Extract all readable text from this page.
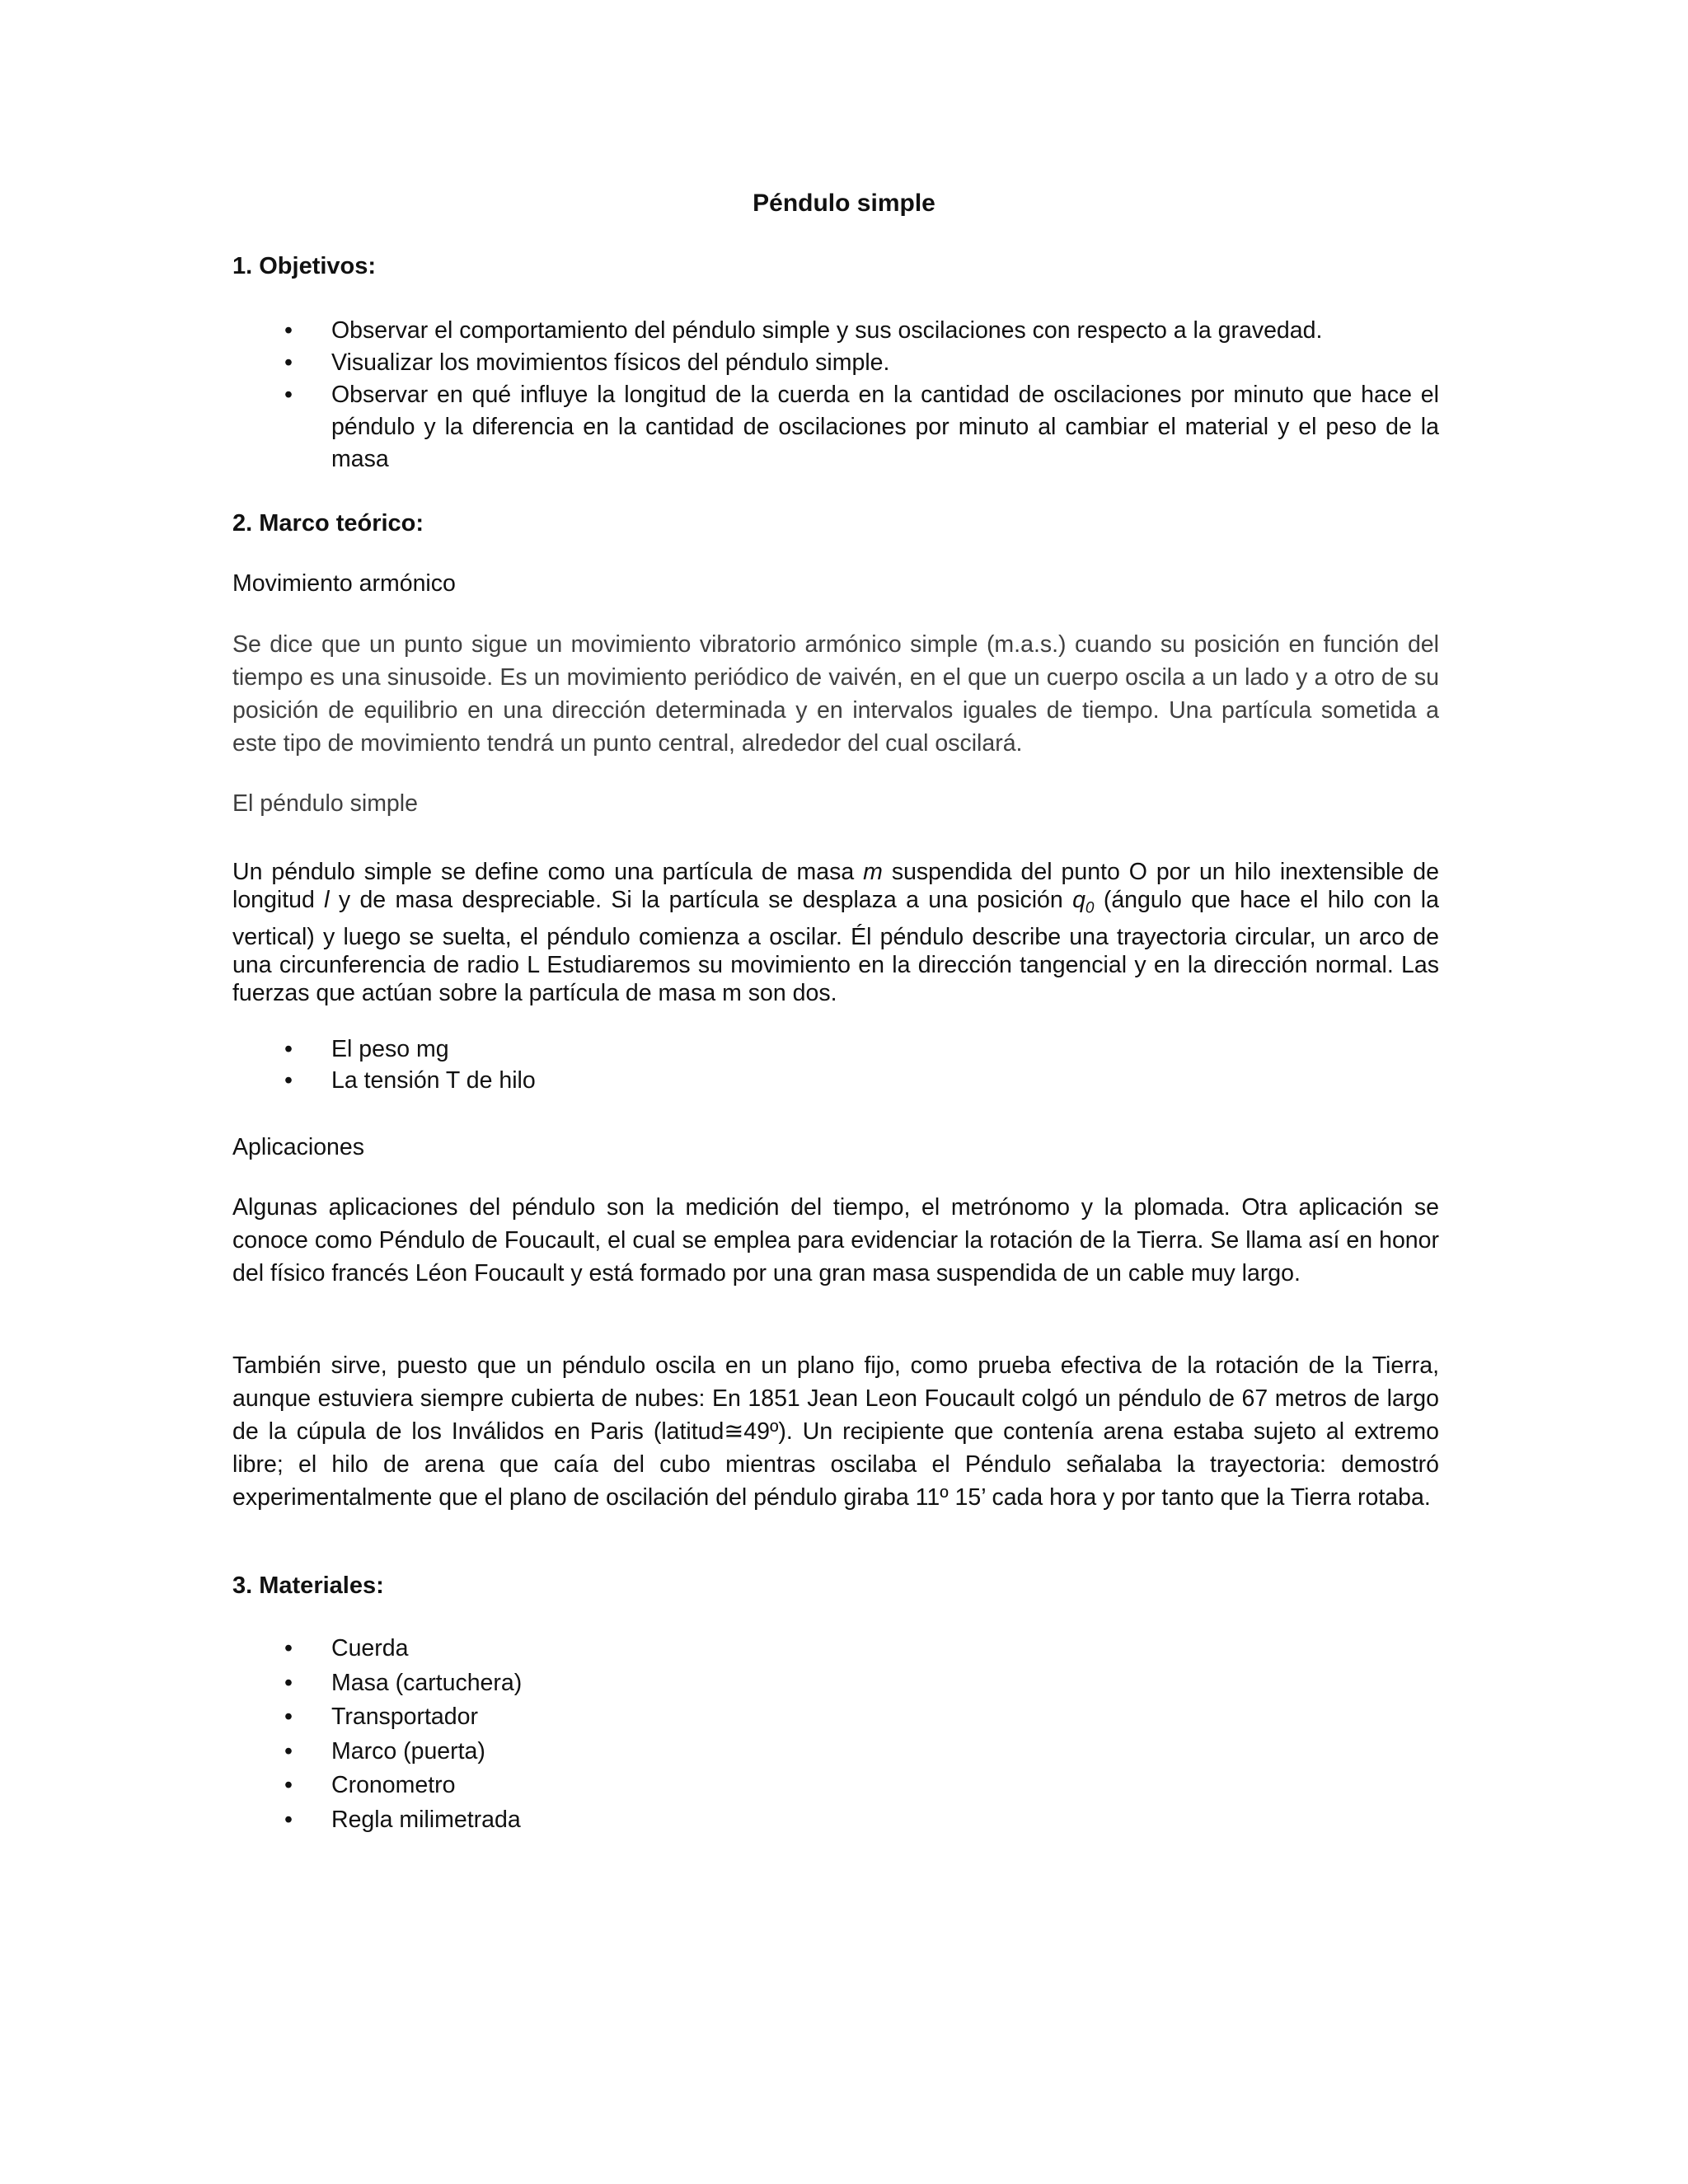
Péndulo simple
1. Objetivos:
• Observar el comportamiento del péndulo simple y sus oscilaciones con respecto a la gravedad.
• Visualizar los movimientos físicos del péndulo simple.
• Observar en qué influye la longitud de la cuerda en la cantidad de oscilaciones por minuto que hace el péndulo y la diferencia en la cantidad de oscilaciones por minuto al cambiar el material y el peso de la masa
2. Marco teórico:
Movimiento armónico
Se dice que un punto sigue un movimiento vibratorio armónico simple (m.a.s.) cuando su posición en función del tiempo es una sinusoide. Es un movimiento periódico de vaivén, en el que un cuerpo oscila a un lado y a otro de su posición de equilibrio en una dirección determinada y en intervalos iguales de tiempo. Una partícula sometida a este tipo de movimiento tendrá un punto central, alrededor del cual oscilará.
El péndulo simple
Un péndulo simple se define como una partícula de masa m suspendida del punto O por un hilo inextensible de longitud l y de masa despreciable. Si la partícula se desplaza a una posición $q_0$ (ángulo que hace el hilo con la vertical) y luego se suelta, el péndulo comienza a oscilar. Él péndulo describe una trayectoria circular, un arco de una circunferencia de radio L Estudiaremos su movimiento en la dirección tangencial y en la dirección normal. Las fuerzas que actúan sobre la partícula de masa m son dos.
• El peso mg
• La tensión T de hilo
Aplicaciones
Algunas aplicaciones del péndulo son la medición del tiempo, el metrónomo y la plomada. Otra aplicación se conoce como Péndulo de Foucault, el cual se emplea para evidenciar la rotación de la Tierra. Se llama así en honor del físico francés Léon Foucault y está formado por una gran masa suspendida de un cable muy largo.
También sirve, puesto que un péndulo oscila en un plano fijo, como prueba efectiva de la rotación de la Tierra, aunque estuviera siempre cubierta de nubes: En 1851 Jean Leon Foucault colgó un péndulo de 67 metros de largo de la cúpula de los Inválidos en Paris (latitud≅49º). Un recipiente que contenía arena estaba sujeto al extremo libre; el hilo de arena que caía del cubo mientras oscilaba el Péndulo señalaba la trayectoria: demostró experimentalmente que el plano de oscilación del péndulo giraba 11º 15’ cada hora y por tanto que la Tierra rotaba.
3. Materiales:
• Cuerda
• Masa (cartuchera)
• Transportador
• Marco (puerta)
• Cronometro
• Regla milimetrada
